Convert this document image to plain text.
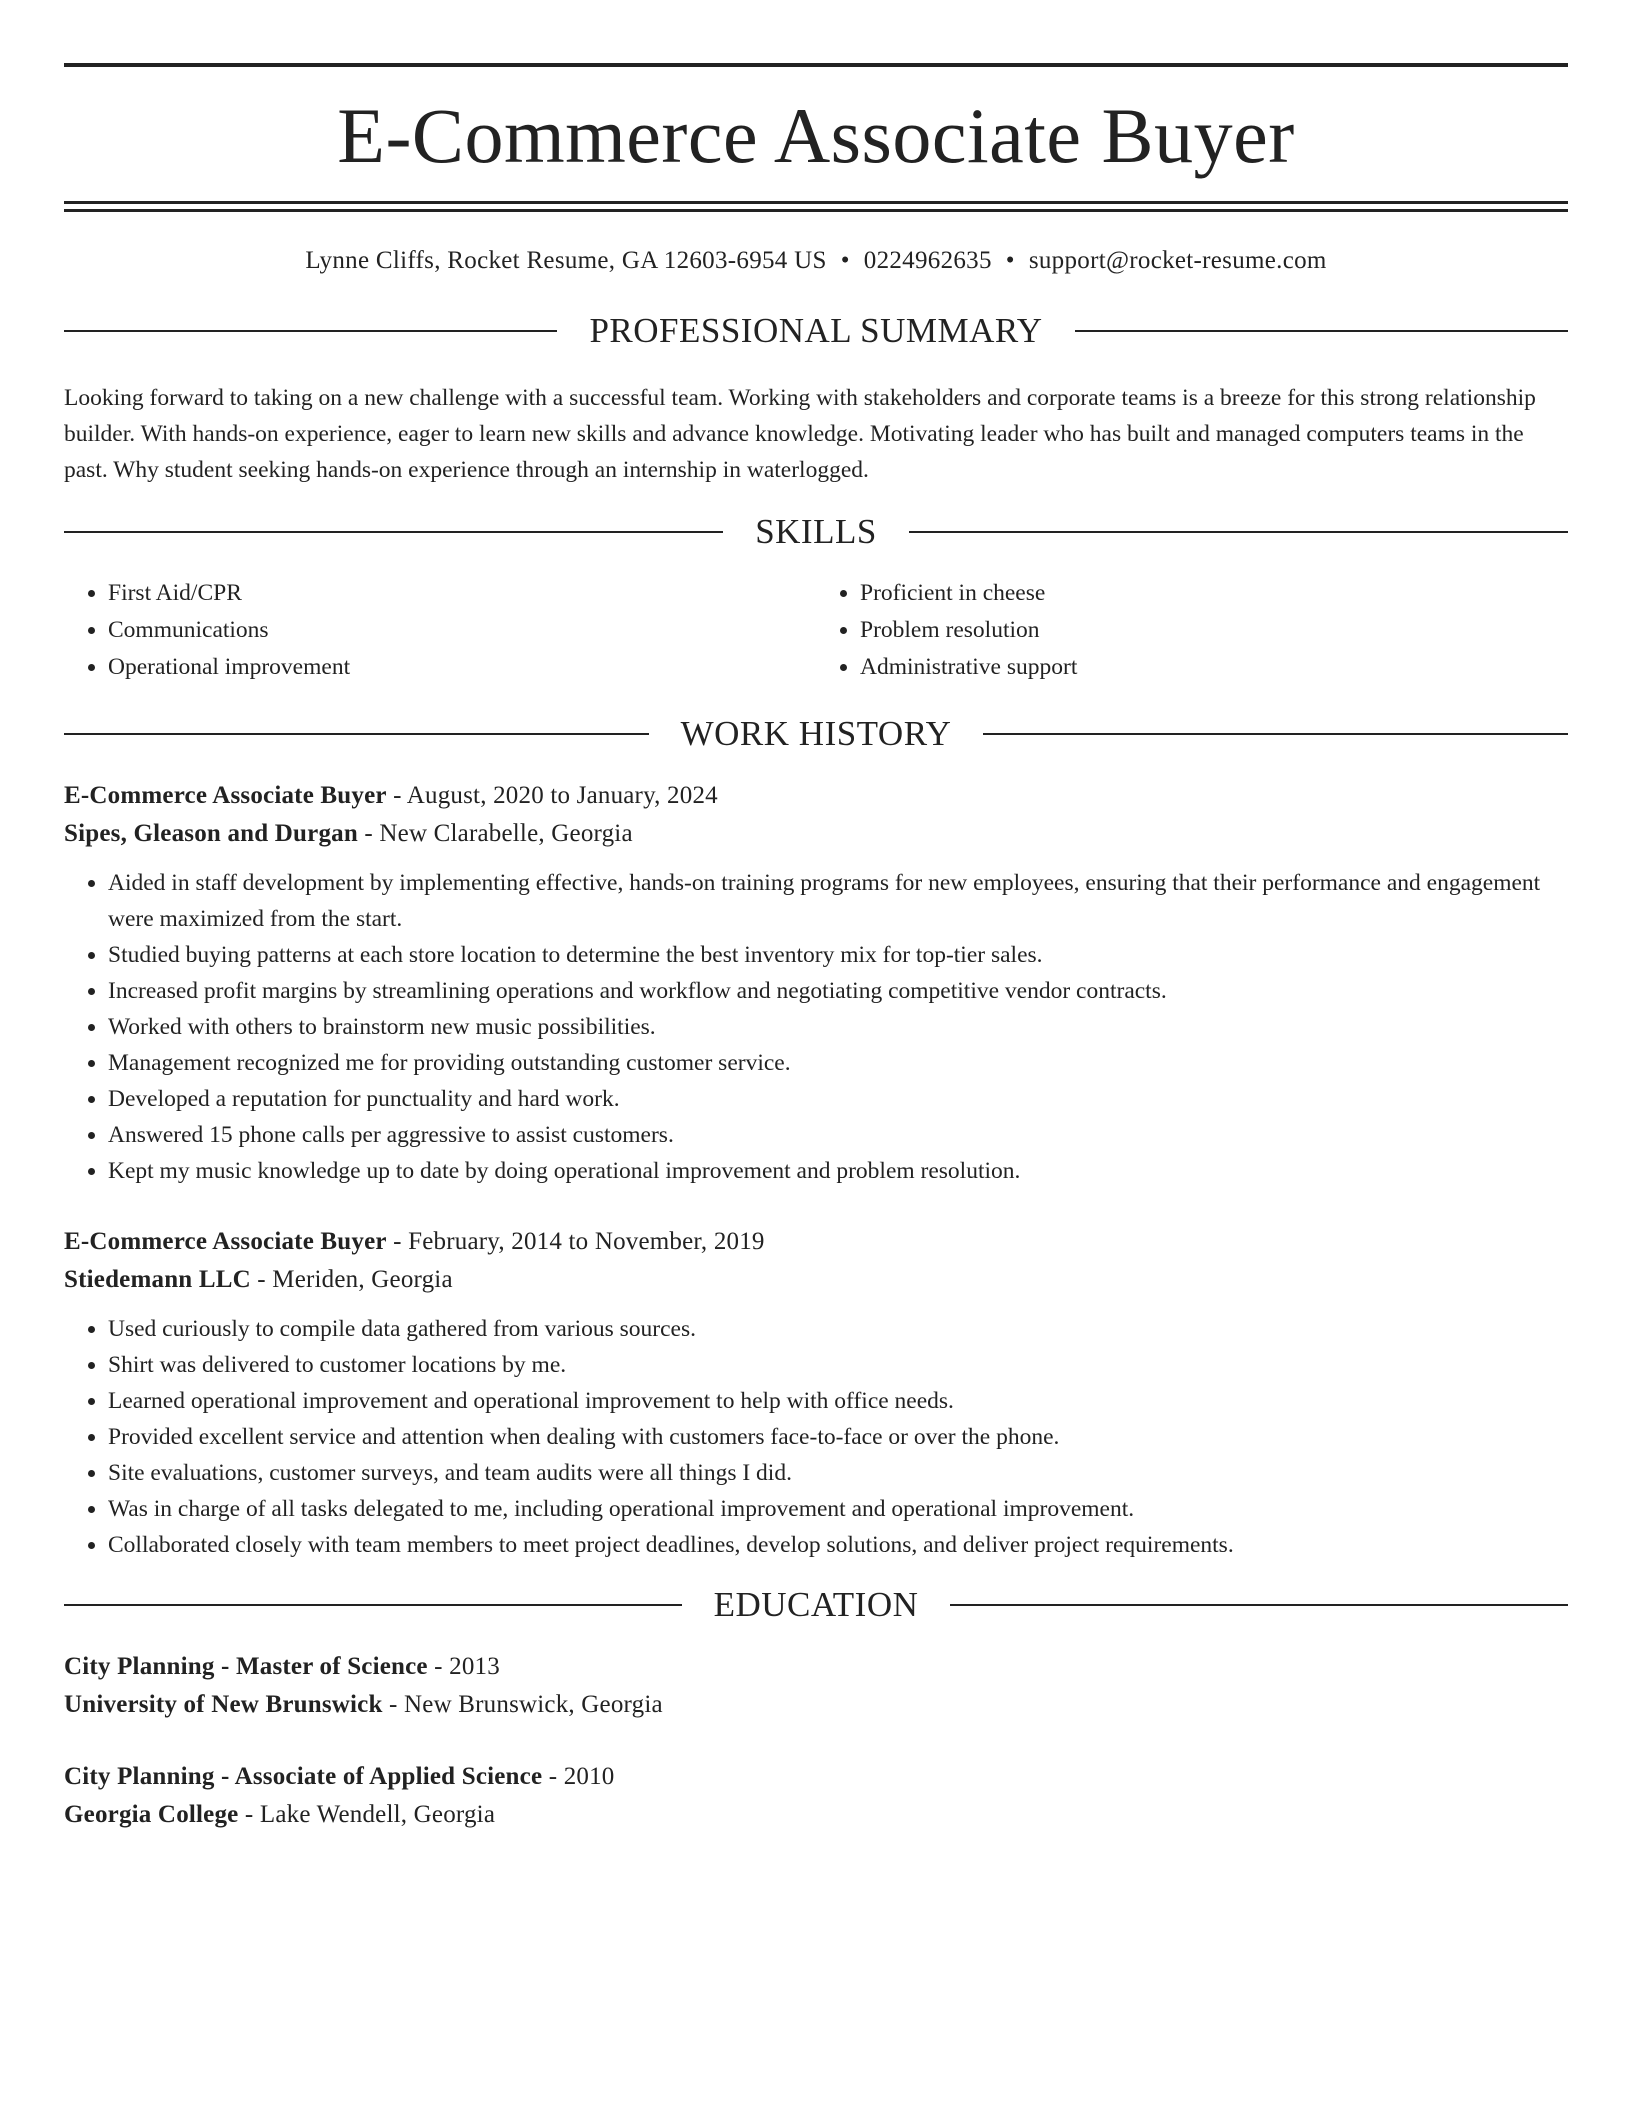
E-Commerce Associate Buyer
Lynne Cliffs, Rocket Resume, GA 12603-6954 US • 0224962635 • support@rocket-resume.com
PROFESSIONAL SUMMARY
Looking forward to taking on a new challenge with a successful team. Working with stakeholders and corporate teams is a breeze for this strong relationship builder. With hands-on experience, eager to learn new skills and advance knowledge. Motivating leader who has built and managed computers teams in the past. Why student seeking hands-on experience through an internship in waterlogged.
SKILLS
• First Aid/CPR
• Communications
• Operational improvement
• Proficient in cheese
• Problem resolution
• Administrative support
WORK HISTORY
E-Commerce Associate Buyer - August, 2020 to January, 2024
Sipes, Gleason and Durgan - New Clarabelle, Georgia
• Aided in staff development by implementing effective, hands-on training programs for new employees, ensuring that their performance and engagement were maximized from the start.
• Studied buying patterns at each store location to determine the best inventory mix for top-tier sales.
• Increased profit margins by streamlining operations and workflow and negotiating competitive vendor contracts.
• Worked with others to brainstorm new music possibilities.
• Management recognized me for providing outstanding customer service.
• Developed a reputation for punctuality and hard work.
• Answered 15 phone calls per aggressive to assist customers.
• Kept my music knowledge up to date by doing operational improvement and problem resolution.
E-Commerce Associate Buyer - February, 2014 to November, 2019
Stiedemann LLC - Meriden, Georgia
• Used curiously to compile data gathered from various sources.
• Shirt was delivered to customer locations by me.
• Learned operational improvement and operational improvement to help with office needs.
• Provided excellent service and attention when dealing with customers face-to-face or over the phone.
• Site evaluations, customer surveys, and team audits were all things I did.
• Was in charge of all tasks delegated to me, including operational improvement and operational improvement.
• Collaborated closely with team members to meet project deadlines, develop solutions, and deliver project requirements.
EDUCATION
City Planning - Master of Science - 2013
University of New Brunswick - New Brunswick, Georgia
City Planning - Associate of Applied Science - 2010
Georgia College - Lake Wendell, Georgia
